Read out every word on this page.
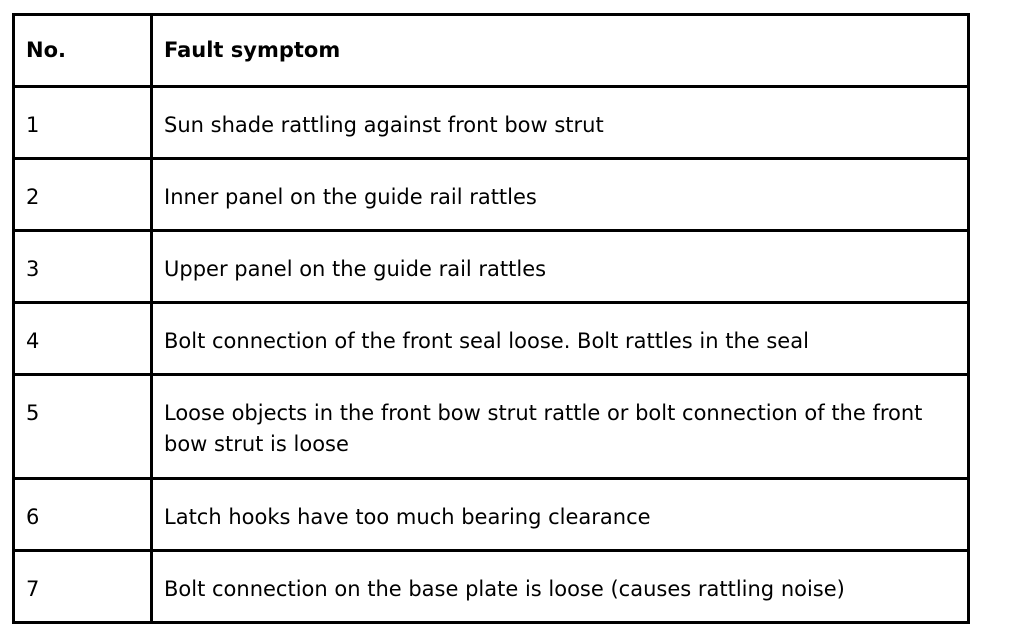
No.	Fault symptom

1	Sun shade rattling against front bow strut

2	Inner panel on the guide rail rattles

3	Upper panel on the guide rail rattles

4	Bolt connection of the front seal loose. Bolt rattles in the seal

5	Loose objects in the front bow strut rattle or bolt connection of the front bow strut is loose

6	Latch hooks have too much bearing clearance

7	Bolt connection on the base plate is loose (causes rattling noise)
